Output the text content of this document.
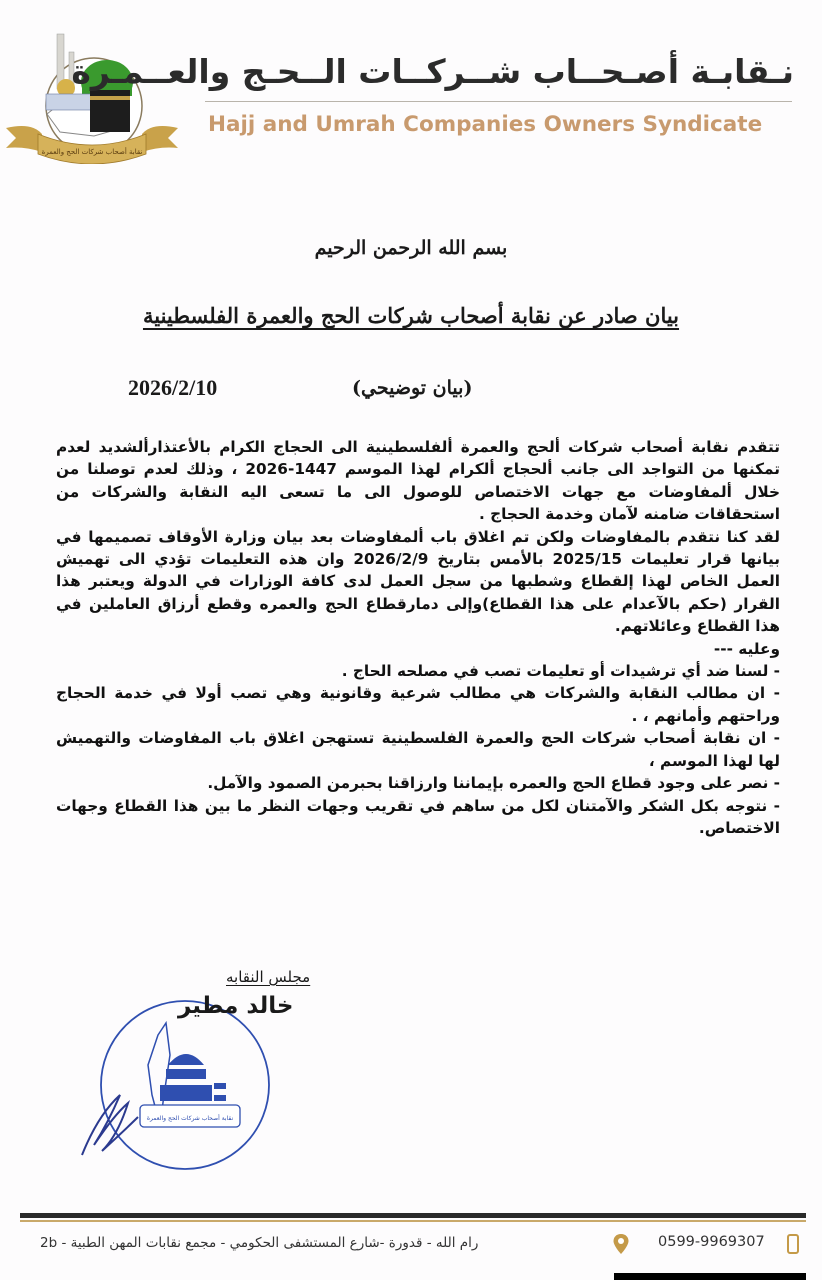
نقابة أصحاب شركات الحج والعمرة
نـقابـة أصـحــاب شــركــات الــحـج والعــمـرة
Hajj and Umrah Companies Owners Syndicate
بسم الله الرحمن الرحيم
بيان صادر عن نقابة أصحاب شركات الحج والعمرة الفلسطينية
(بيان توضيحي)
2026/2/10

تتقدم نقابة أصحاب شركات ألحج والعمرة ألفلسطينية الى الحجاج الكرام بالأعتذارألشديد لعدم تمكنها من التواجد الى جانب ألحجاج ألكرام لهذا الموسم 1447-2026 ، وذلك لعدم توصلنا من خلال ألمفاوضات مع جهات الاختصاص للوصول الى ما تسعى اليه النقابة والشركات من استحقاقات ضامنه لآمان وخدمة الحجاج .

لقد كنا نتقدم بالمفاوضات ولكن تم اغلاق باب ألمفاوضات بعد بيان وزارة الأوقاف تصميمها في بيانها قرار تعليمات 2025/15 بالأمس بتاريخ 2026/2/9 وان هذه التعليمات تؤدي الى تهميش العمل الخاص لهذا إلقطاع وشطبها من سجل العمل لدى كافة الوزارات في الدولة ويعتبر هذا القرار (حكم بالآعدام على هذا القطاع)وإلى دمارقطاع الحج والعمره وقطع أرزاق العاملين في هذا القطاع وعائلاتهم.

وعليه ---

- لسنا ضد أي ترشيدات أو تعليمات تصب في مصلحه الحاج .

- ان مطالب النقابة والشركات هي مطالب شرعية وقانونية وهي تصب أولا في خدمة الحجاج وراحتهم وأمانهم ، .

- ان نقابة أصحاب شركات الحج والعمرة الفلسطينية تستهجن اغلاق باب المفاوضات والتهميش لها لهذا الموسم ،

- نصر على وجود قطاع الحج والعمره بإيماننا وارزاقنا بحبرمن الصمود والآمل.

- نتوجه بكل الشكر والآمتنان لكل من ساهم في تقريب وجهات النظر ما بين هذا القطاع وجهات الاختصاص.

نقابة أصحاب شركات الحج والعمرة
مجلس النقابه
خالد مطير
0599-9969307
رام الله - قدورة -شارع المستشفى الحكومي - مجمع نقابات المهن الطبية - 2b
